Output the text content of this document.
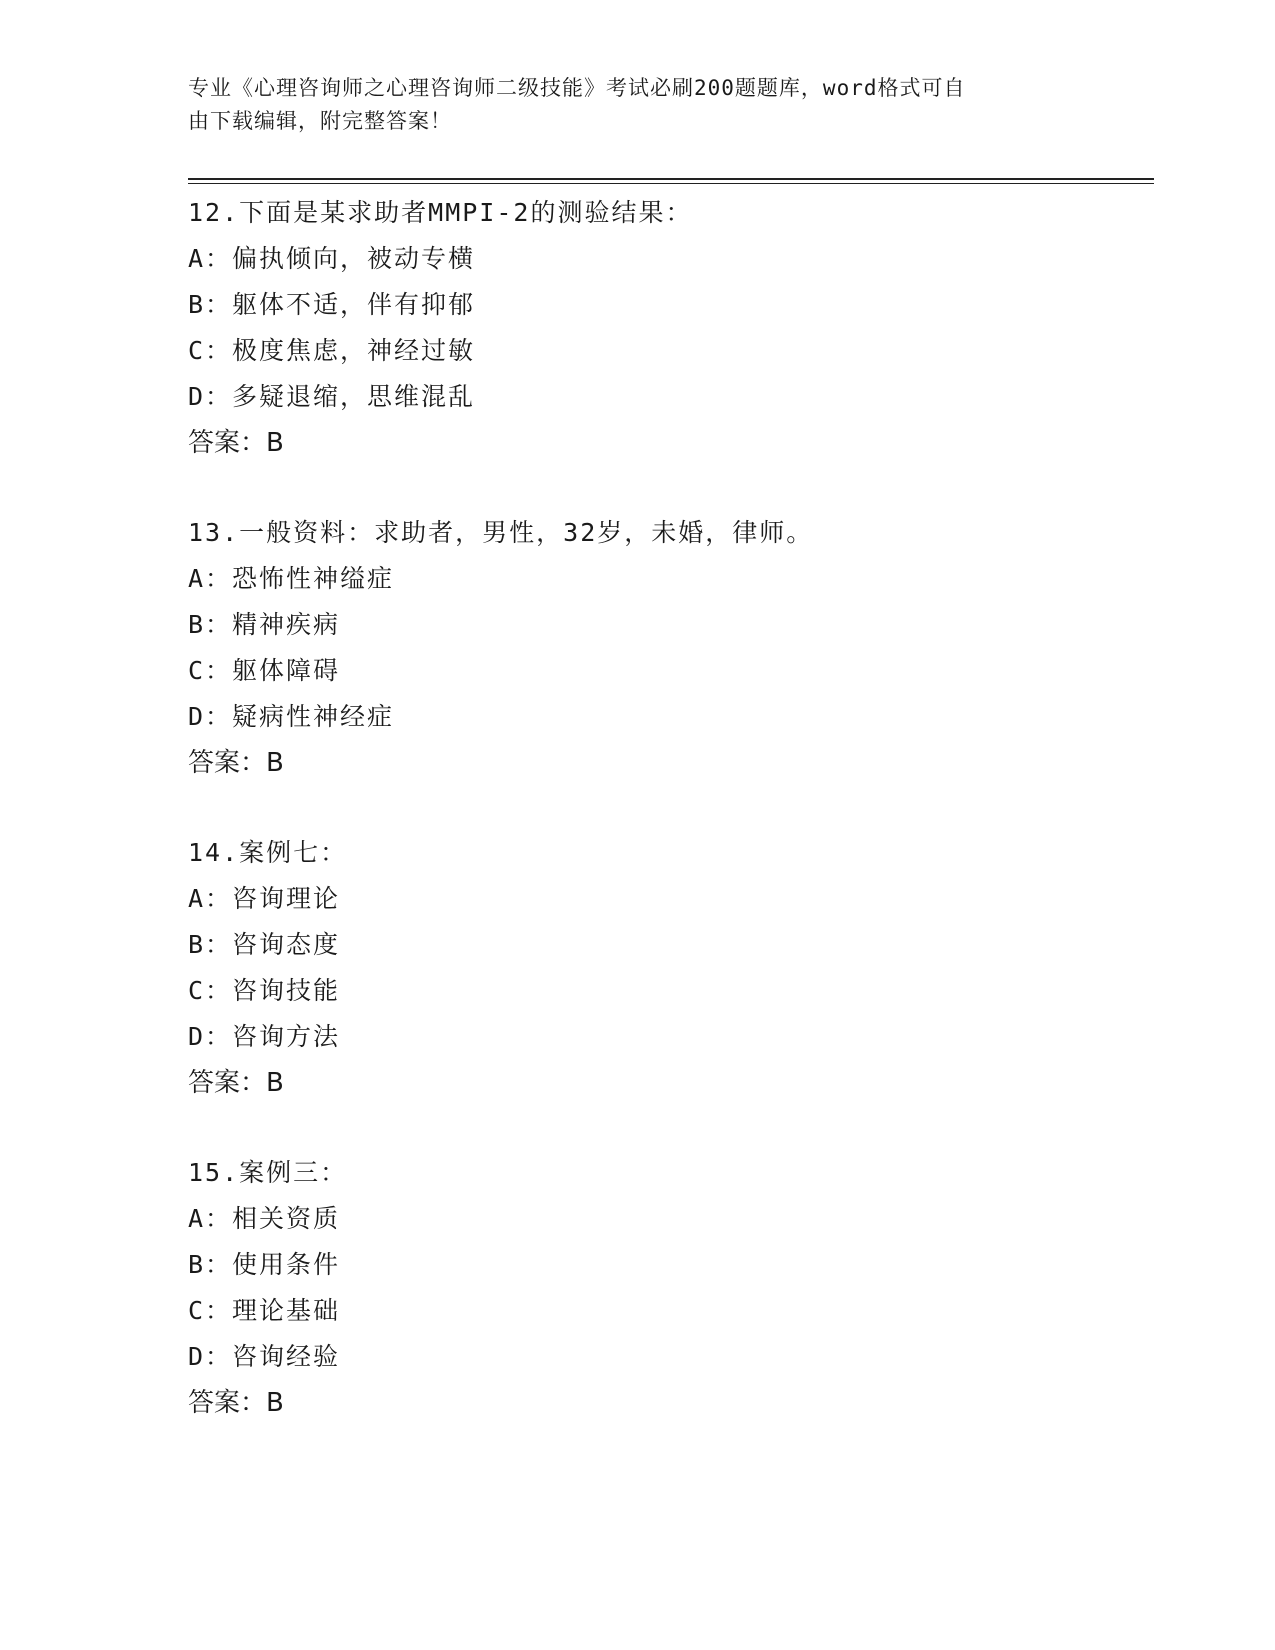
专业《心理咨询师之心理咨询师二级技能》考试必刷200题题库，word格式可自
由下载编辑，附完整答案！
12.下面是某求助者MMPI-2的测验结果：
A：偏执倾向，被动专横
B：躯体不适，伴有抑郁
C：极度焦虑，神经过敏
D：多疑退缩，思维混乱
答案：B
13.一般资料：求助者，男性，32岁，未婚，律师。
A：恐怖性神缢症
B：精神疾病
C：躯体障碍
D：疑病性神经症
答案：B
14.案例七：
A：咨询理论
B：咨询态度
C：咨询技能
D：咨询方法
答案：B
15.案例三：
A：相关资质
B：使用条件
C：理论基础
D：咨询经验
答案：B
